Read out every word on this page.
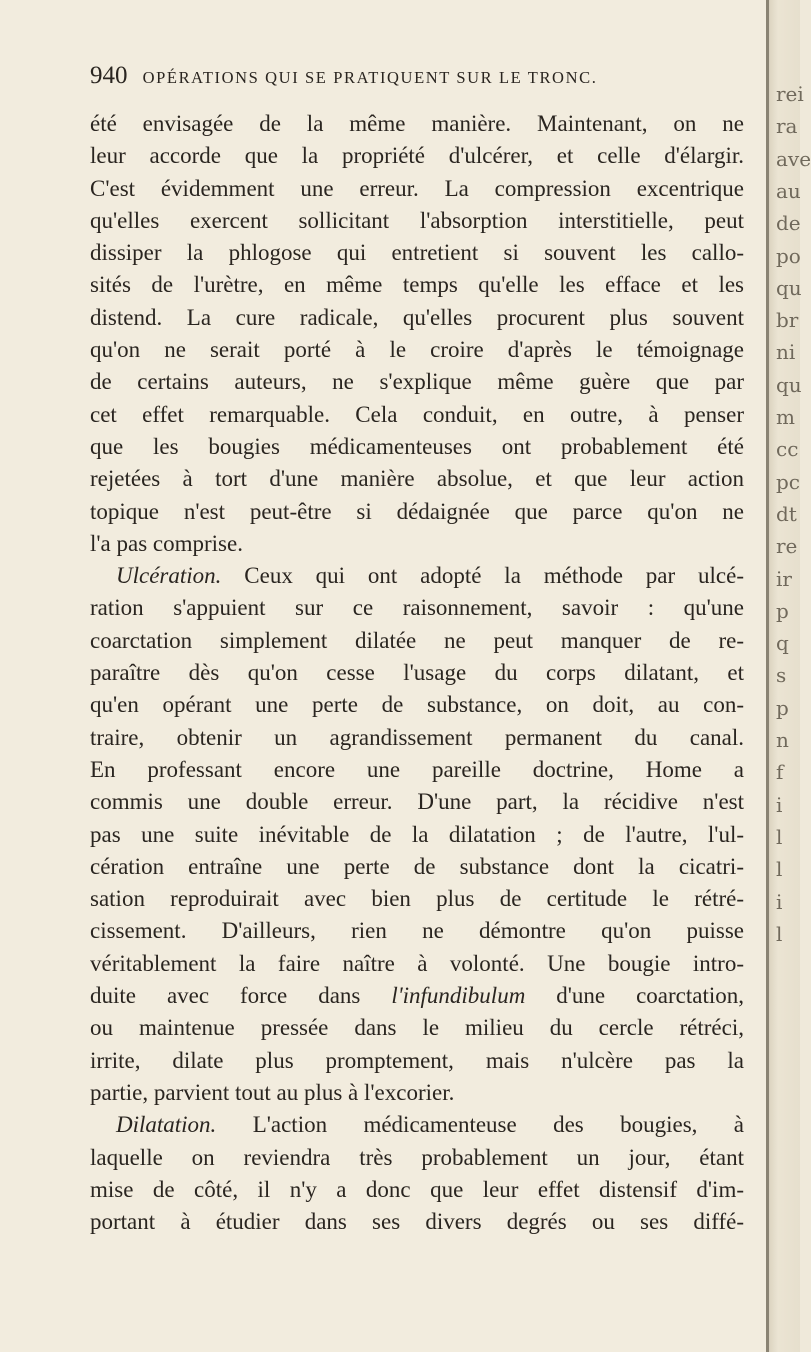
940 OPÉRATIONS QUI SE PRATIQUENT SUR LE TRONC.
été envisagée de la même manière. Maintenant, on ne
leur accorde que la propriété d'ulcérer, et celle d'élargir.
C'est évidemment une erreur. La compression excentrique
qu'elles exercent sollicitant l'absorption interstitielle, peut
dissiper la phlogose qui entretient si souvent les callo-
sités de l'urètre, en même temps qu'elle les efface et les
distend. La cure radicale, qu'elles procurent plus souvent
qu'on ne serait porté à le croire d'après le témoignage
de certains auteurs, ne s'explique même guère que par
cet effet remarquable. Cela conduit, en outre, à penser
que les bougies médicamenteuses ont probablement été
rejetées à tort d'une manière absolue, et que leur action
topique n'est peut-être si dédaignée que parce qu'on ne
l'a pas comprise.
Ulcération. Ceux qui ont adopté la méthode par ulcé-
ration s'appuient sur ce raisonnement, savoir : qu'une
coarctation simplement dilatée ne peut manquer de re-
paraître dès qu'on cesse l'usage du corps dilatant, et
qu'en opérant une perte de substance, on doit, au con-
traire, obtenir un agrandissement permanent du canal.
En professant encore une pareille doctrine, Home a
commis une double erreur. D'une part, la récidive n'est
pas une suite inévitable de la dilatation ; de l'autre, l'ul-
cération entraîne une perte de substance dont la cicatri-
sation reproduirait avec bien plus de certitude le rétré-
cissement. D'ailleurs, rien ne démontre qu'on puisse
véritablement la faire naître à volonté. Une bougie intro-
duite avec force dans l'infundibulum d'une coarctation,
ou maintenue pressée dans le milieu du cercle rétréci,
irrite, dilate plus promptement, mais n'ulcère pas la
partie, parvient tout au plus à l'excorier.
Dilatation. L'action médicamenteuse des bougies, à
laquelle on reviendra très probablement un jour, étant
mise de côté, il n'y a donc que leur effet distensif d'im-
portant à étudier dans ses divers degrés ou ses diffé-
rei
ra
ave
au
de
po
qu
br
ni
qu
m
cc
pc
dt
re
ir
p
q
s
p
n
f
i
l
l
i
l
